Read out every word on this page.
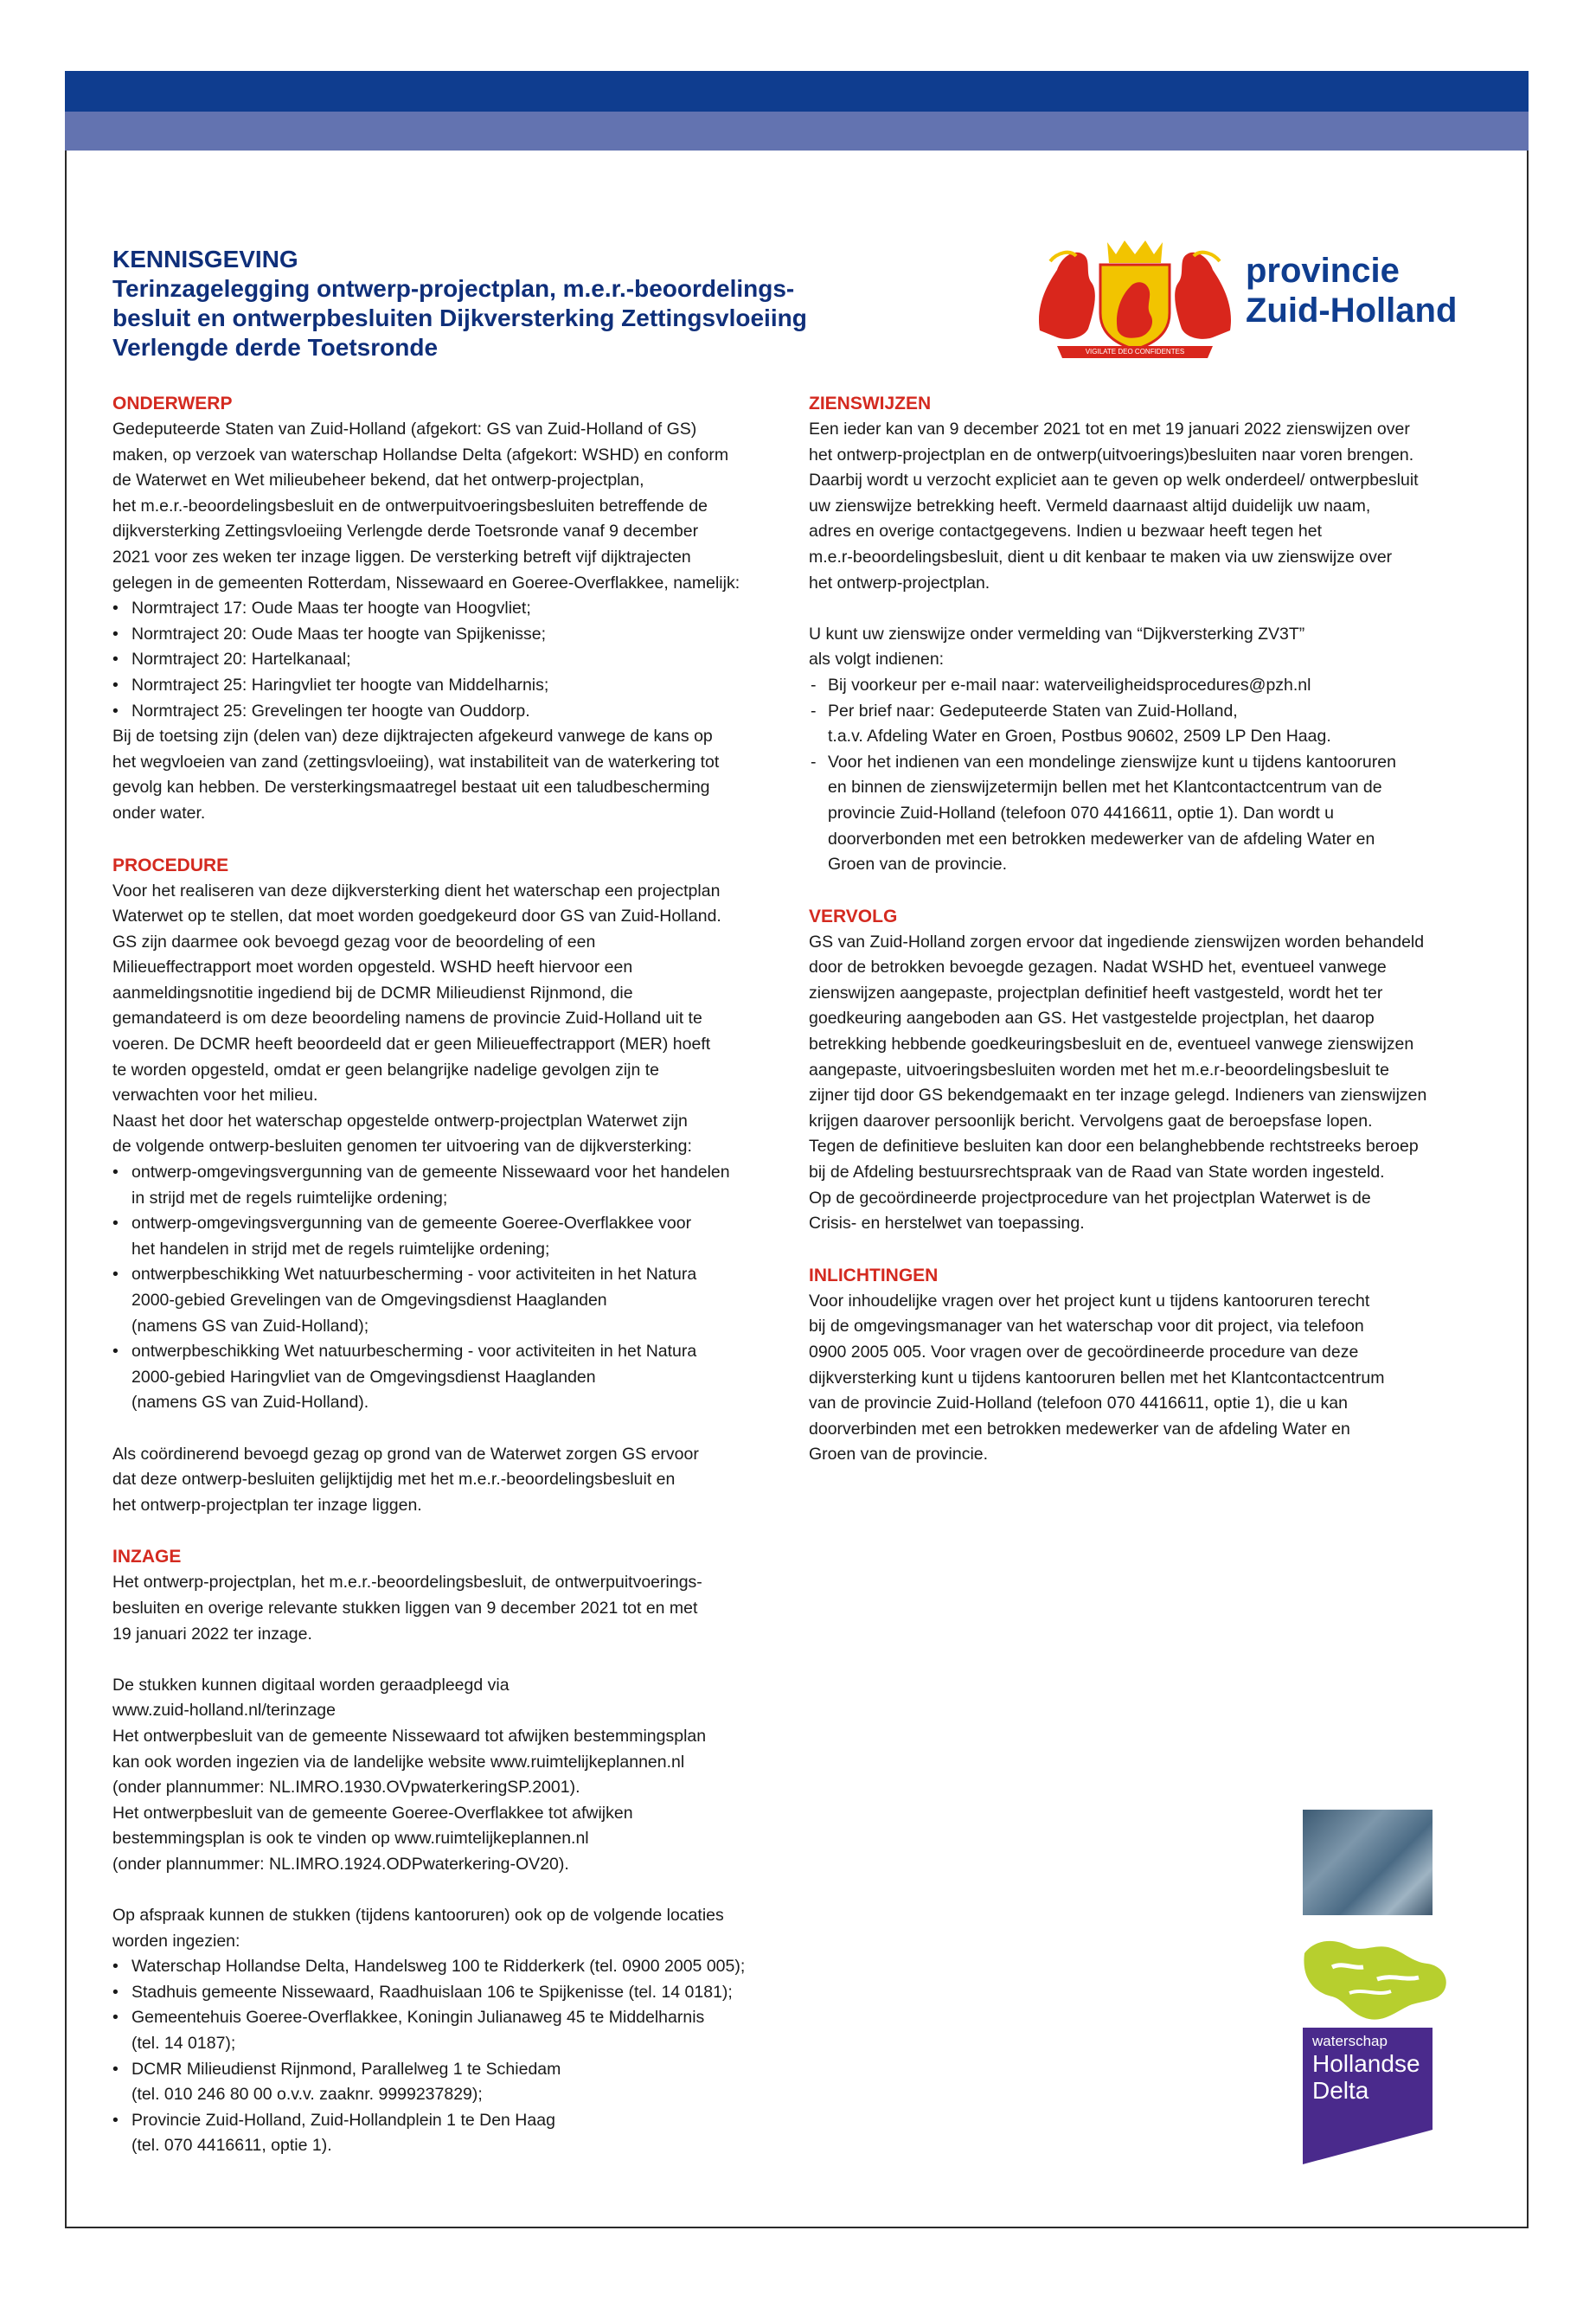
KENNISGEVING
Terinzagelegging ontwerp-projectplan, m.e.r.-beoordelings-
besluit en ontwerpbesluiten Dijkversterking Zettingsvloeiing
Verlengde derde Toetsronde	VIGILATE DEO CONFIDENTES
provincie
Zuid-Holland
ONDERWERP
Gedeputeerde Staten van Zuid-Holland (afgekort: GS van Zuid-Holland of GS)
maken, op verzoek van waterschap Hollandse Delta (afgekort: WSHD) en conform
de Waterwet en Wet milieubeheer bekend, dat het ontwerp-projectplan,
het m.e.r.-beoordelingsbesluit en de ontwerpuitvoeringsbesluiten betreffende de
dijkversterking Zettingsvloeiing Verlengde derde Toetsronde vanaf 9 december
2021 voor zes weken ter inzage liggen. De versterking betreft vijf dijktrajecten
gelegen in de gemeenten Rotterdam, Nissewaard en Goeree-Overflakkee, namelijk:
• Normtraject 17: Oude Maas ter hoogte van Hoogvliet;
• Normtraject 20: Oude Maas ter hoogte van Spijkenisse;
• Normtraject 20: Hartelkanaal;
• Normtraject 25: Haringvliet ter hoogte van Middelharnis;
• Normtraject 25: Grevelingen ter hoogte van Ouddorp.
Bij de toetsing zijn (delen van) deze dijktrajecten afgekeurd vanwege de kans op
het wegvloeien van zand (zettingsvloeiing), wat instabiliteit van de waterkering tot
gevolg kan hebben. De versterkingsmaatregel bestaat uit een taludbescherming
onder water.
PROCEDURE
Voor het realiseren van deze dijkversterking dient het waterschap een projectplan
Waterwet op te stellen, dat moet worden goedgekeurd door GS van Zuid-Holland.
GS zijn daarmee ook bevoegd gezag voor de beoordeling of een
Milieueffectrapport moet worden opgesteld. WSHD heeft hiervoor een
aanmeldingsnotitie ingediend bij de DCMR Milieudienst Rijnmond, die
gemandateerd is om deze beoordeling namens de provincie Zuid-Holland uit te
voeren. De DCMR heeft beoordeeld dat er geen Milieueffectrapport (MER) hoeft
te worden opgesteld, omdat er geen belangrijke nadelige gevolgen zijn te
verwachten voor het milieu.
Naast het door het waterschap opgestelde ontwerp-projectplan Waterwet zijn
de volgende ontwerp-besluiten genomen ter uitvoering van de dijkversterking:
• ontwerp-omgevingsvergunning van de gemeente Nissewaard voor het handelen
in strijd met de regels ruimtelijke ordening;
• ontwerp-omgevingsvergunning van de gemeente Goeree-Overflakkee voor
het handelen in strijd met de regels ruimtelijke ordening;
• ontwerpbeschikking Wet natuurbescherming - voor activiteiten in het Natura
2000-gebied Grevelingen van de Omgevingsdienst Haaglanden
(namens GS van Zuid-Holland);
• ontwerpbeschikking Wet natuurbescherming - voor activiteiten in het Natura
2000-gebied Haringvliet van de Omgevingsdienst Haaglanden
(namens GS van Zuid-Holland).
Als coördinerend bevoegd gezag op grond van de Waterwet zorgen GS ervoor
dat deze ontwerp-besluiten gelijktijdig met het m.e.r.-beoordelingsbesluit en
het ontwerp-projectplan ter inzage liggen.
INZAGE
Het ontwerp-projectplan, het m.e.r.-beoordelingsbesluit, de ontwerpuitvoerings-
besluiten en overige relevante stukken liggen van 9 december 2021 tot en met
19 januari 2022 ter inzage.
De stukken kunnen digitaal worden geraadpleegd via
www.zuid-holland.nl/terinzage
Het ontwerpbesluit van de gemeente Nissewaard tot afwijken bestemmingsplan
kan ook worden ingezien via de landelijke website www.ruimtelijkeplannen.nl
(onder plannummer: NL.IMRO.1930.OVpwaterkeringSP.2001).
Het ontwerpbesluit van de gemeente Goeree-Overflakkee tot afwijken
bestemmingsplan is ook te vinden op www.ruimtelijkeplannen.nl
(onder plannummer: NL.IMRO.1924.ODPwaterkering-OV20).
Op afspraak kunnen de stukken (tijdens kantooruren) ook op de volgende locaties
worden ingezien:
• Waterschap Hollandse Delta, Handelsweg 100 te Ridderkerk (tel. 0900 2005 005);
• Stadhuis gemeente Nissewaard, Raadhuislaan 106 te Spijkenisse (tel. 14 0181);
• Gemeentehuis Goeree-Overflakkee, Koningin Julianaweg 45 te Middelharnis
(tel. 14 0187);
• DCMR Milieudienst Rijnmond, Parallelweg 1 te Schiedam
(tel. 010 246 80 00 o.v.v. zaaknr. 9999237829);
• Provincie Zuid-Holland, Zuid-Hollandplein 1 te Den Haag
(tel. 070 4416611, optie 1).
ZIENSWIJZEN
Een ieder kan van 9 december 2021 tot en met 19 januari 2022 zienswijzen over
het ontwerp-projectplan en de ontwerp(uitvoerings)besluiten naar voren brengen.
Daarbij wordt u verzocht expliciet aan te geven op welk onderdeel/ ontwerpbesluit
uw zienswijze betrekking heeft. Vermeld daarnaast altijd duidelijk uw naam,
adres en overige contactgegevens. Indien u bezwaar heeft tegen het
m.e.r-beoordelingsbesluit, dient u dit kenbaar te maken via uw zienswijze over
het ontwerp-projectplan.
U kunt uw zienswijze onder vermelding van “Dijkversterking ZV3T”
als volgt indienen:
- Bij voorkeur per e-mail naar: waterveiligheidsprocedures@pzh.nl
- Per brief naar: Gedeputeerde Staten van Zuid-Holland,
t.a.v. Afdeling Water en Groen, Postbus 90602, 2509 LP Den Haag.
- Voor het indienen van een mondelinge zienswijze kunt u tijdens kantooruren
en binnen de zienswijzetermijn bellen met het Klantcontactcentrum van de
provincie Zuid-Holland (telefoon 070 4416611, optie 1). Dan wordt u
doorverbonden met een betrokken medewerker van de afdeling Water en
Groen van de provincie.
VERVOLG
GS van Zuid-Holland zorgen ervoor dat ingediende zienswijzen worden behandeld
door de betrokken bevoegde gezagen. Nadat WSHD het, eventueel vanwege
zienswijzen aangepaste, projectplan definitief heeft vastgesteld, wordt het ter
goedkeuring aangeboden aan GS. Het vastgestelde projectplan, het daarop
betrekking hebbende goedkeuringsbesluit en de, eventueel vanwege zienswijzen
aangepaste, uitvoeringsbesluiten worden met het m.e.r-beoordelingsbesluit te
zijner tijd door GS bekendgemaakt en ter inzage gelegd. Indieners van zienswijzen
krijgen daarover persoonlijk bericht. Vervolgens gaat de beroepsfase lopen.
Tegen de definitieve besluiten kan door een belanghebbende rechtstreeks beroep
bij de Afdeling bestuursrechtspraak van de Raad van State worden ingesteld.
Op de gecoördineerde projectprocedure van het projectplan Waterwet is de
Crisis- en herstelwet van toepassing.
INLICHTINGEN
Voor inhoudelijke vragen over het project kunt u tijdens kantooruren terecht
bij de omgevingsmanager van het waterschap voor dit project, via telefoon
0900 2005 005. Voor vragen over de gecoördineerde procedure van deze
dijkversterking kunt u tijdens kantooruren bellen met het Klantcontactcentrum
van de provincie Zuid-Holland (telefoon 070 4416611, optie 1), die u kan
doorverbinden met een betrokken medewerker van de afdeling Water en
Groen van de provincie.
waterschap
Hollandse
Delta
